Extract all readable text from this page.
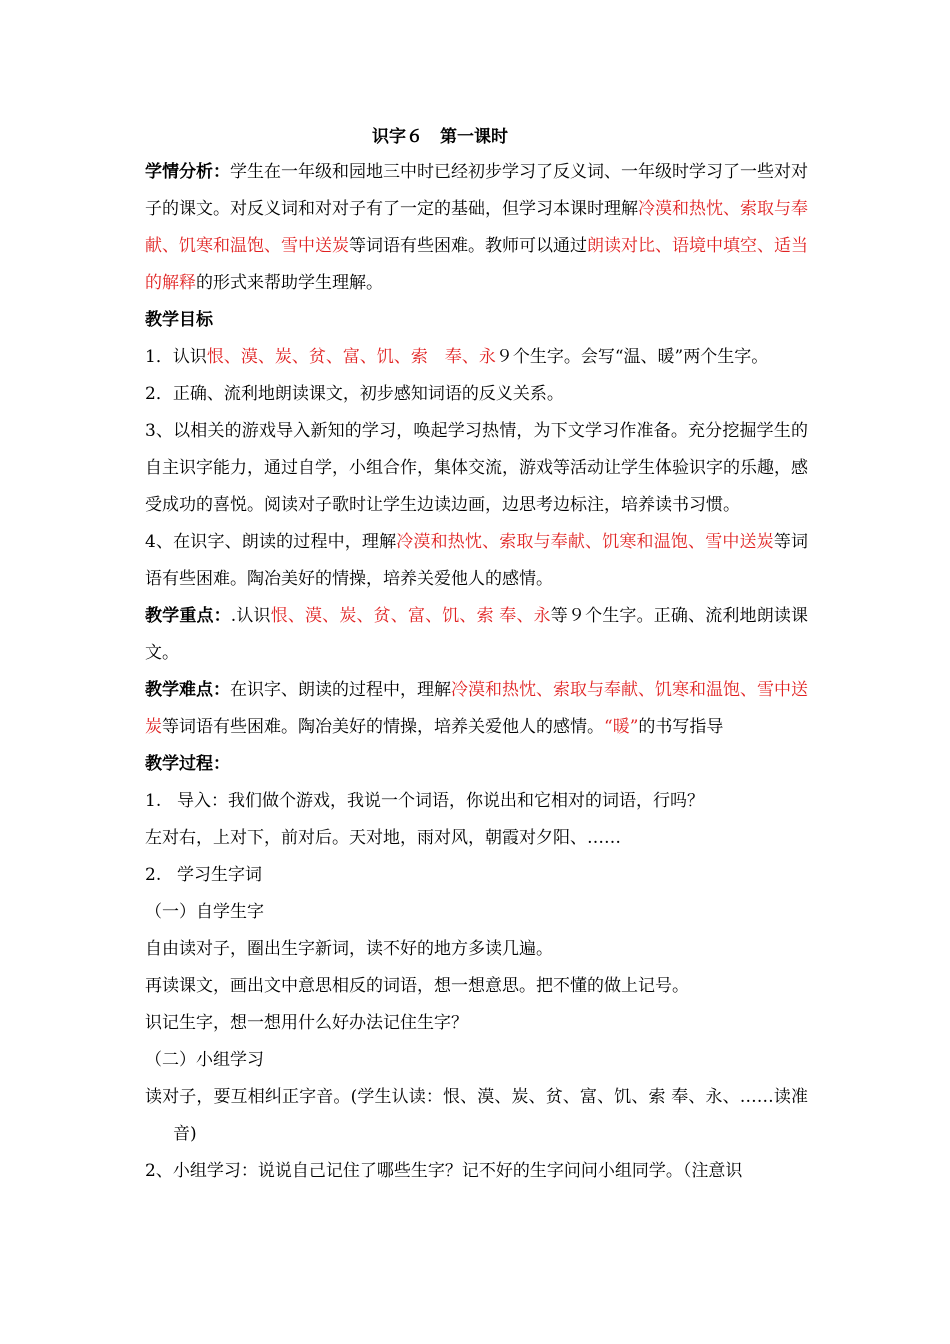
识字６　第一课时

学情分析：学生在一年级和园地三中时已经初步学习了反义词、一年级时学习了一些对对子的课文。对反义词和对对子有了一定的基础，但学习本课时理解冷漠和热忱、索取与奉献、饥寒和温饱、雪中送炭等词语有些困难。教师可以通过朗读对比、语境中填空、适当的解释的形式来帮助学生理解。

教学目标

1．认识恨、漠、炭、贫、富、饥、索　奉、永９个生字。会写“温、暖”两个生字。

2．正确、流利地朗读课文，初步感知词语的反义关系。

3、以相关的游戏导入新知的学习，唤起学习热情，为下文学习作准备。充分挖掘学生的自主识字能力，通过自学，小组合作，集体交流，游戏等活动让学生体验识字的乐趣，感受成功的喜悦。阅读对子歌时让学生边读边画，边思考边标注，培养读书习惯。

4、在识字、朗读的过程中，理解冷漠和热忱、索取与奉献、饥寒和温饱、雪中送炭等词语有些困难。陶冶美好的情操，培养关爱他人的感情。

教学重点：.认识恨、漠、炭、贫、富、饥、索 奉、永等９个生字。正确、流利地朗读课文。

教学难点：在识字、朗读的过程中，理解冷漠和热忱、索取与奉献、饥寒和温饱、雪中送炭等词语有些困难。陶冶美好的情操，培养关爱他人的感情。“暖”的书写指导

教学过程：

1. 导入：我们做个游戏，我说一个词语，你说出和它相对的词语，行吗？

左对右，上对下，前对后。天对地，雨对风，朝霞对夕阳、……

2. 学习生字词

（一）自学生字

自由读对子，圈出生字新词，读不好的地方多读几遍。

再读课文，画出文中意思相反的词语，想一想意思。把不懂的做上记号。

识记生字，想一想用什么好办法记住生字？

（二）小组学习

读对子，要互相纠正字音。(学生认读：恨、漠、炭、贫、富、饥、索 奉、永、……读准音)

2、小组学习：说说自己记住了哪些生字？记不好的生字问问小组同学。（注意识
